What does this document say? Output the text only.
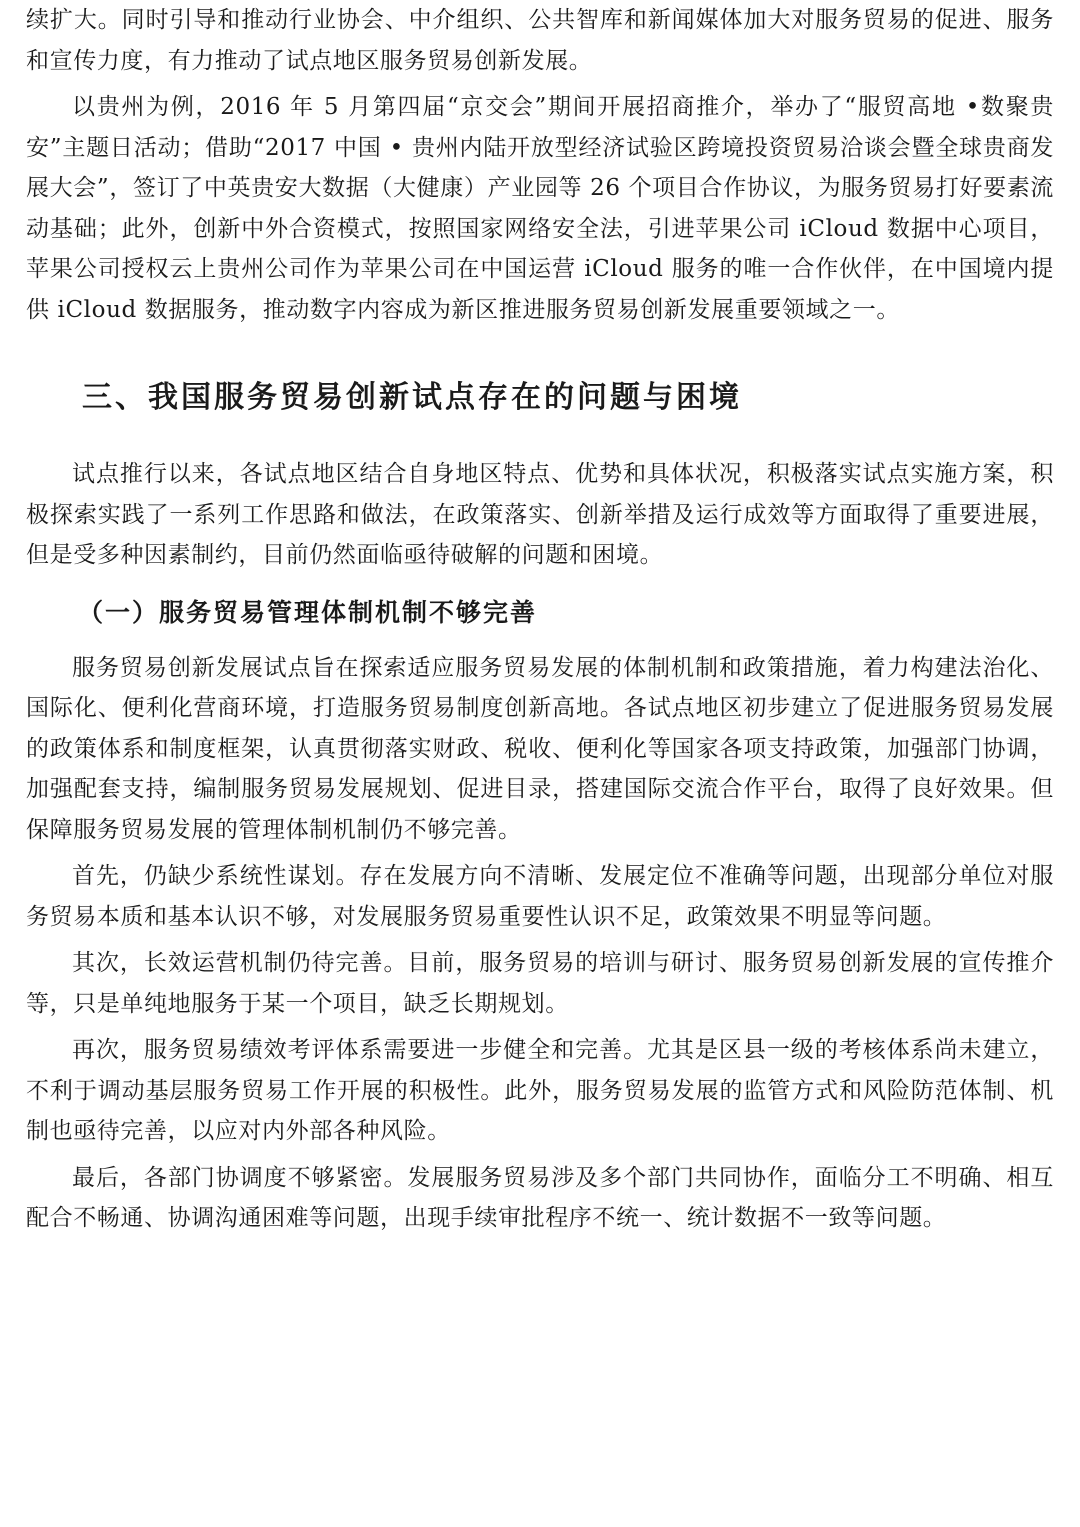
续扩大。同时引导和推动行业协会、中介组织、公共智库和新闻媒体加大对服务贸易的促进、服务和宣传力度，有力推动了试点地区服务贸易创新发展。

以贵州为例，2016 年 5 月第四届“京交会”期间开展招商推介，举办了“服贸高地 •数聚贵安”主题日活动；借助“2017 中国 • 贵州内陆开放型经济试验区跨境投资贸易洽谈会暨全球贵商发展大会”，签订了中英贵安大数据（大健康）产业园等 26 个项目合作协议，为服务贸易打好要素流动基础；此外，创新中外合资模式，按照国家网络安全法，引进苹果公司 iCloud 数据中心项目，苹果公司授权云上贵州公司作为苹果公司在中国运营 iCloud 服务的唯一合作伙伴，在中国境内提供 iCloud 数据服务，推动数字内容成为新区推进服务贸易创新发展重要领域之一。

三、我国服务贸易创新试点存在的问题与困境

试点推行以来，各试点地区结合自身地区特点、优势和具体状况，积极落实试点实施方案，积极探索实践了一系列工作思路和做法，在政策落实、创新举措及运行成效等方面取得了重要进展，但是受多种因素制约，目前仍然面临亟待破解的问题和困境。

（一）服务贸易管理体制机制不够完善

服务贸易创新发展试点旨在探索适应服务贸易发展的体制机制和政策措施，着力构建法治化、国际化、便利化营商环境，打造服务贸易制度创新高地。各试点地区初步建立了促进服务贸易发展的政策体系和制度框架，认真贯彻落实财政、税收、便利化等国家各项支持政策，加强部门协调，加强配套支持，编制服务贸易发展规划、促进目录，搭建国际交流合作平台，取得了良好效果。但保障服务贸易发展的管理体制机制仍不够完善。

首先，仍缺少系统性谋划。存在发展方向不清晰、发展定位不准确等问题，出现部分单位对服务贸易本质和基本认识不够，对发展服务贸易重要性认识不足，政策效果不明显等问题。

其次，长效运营机制仍待完善。目前，服务贸易的培训与研讨、服务贸易创新发展的宣传推介等，只是单纯地服务于某一个项目，缺乏长期规划。

再次，服务贸易绩效考评体系需要进一步健全和完善。尤其是区县一级的考核体系尚未建立，不利于调动基层服务贸易工作开展的积极性。此外，服务贸易发展的监管方式和风险防范体制、机制也亟待完善，以应对内外部各种风险。

最后，各部门协调度不够紧密。发展服务贸易涉及多个部门共同协作，面临分工不明确、相互配合不畅通、协调沟通困难等问题，出现手续审批程序不统一、统计数据不一致等问题。
